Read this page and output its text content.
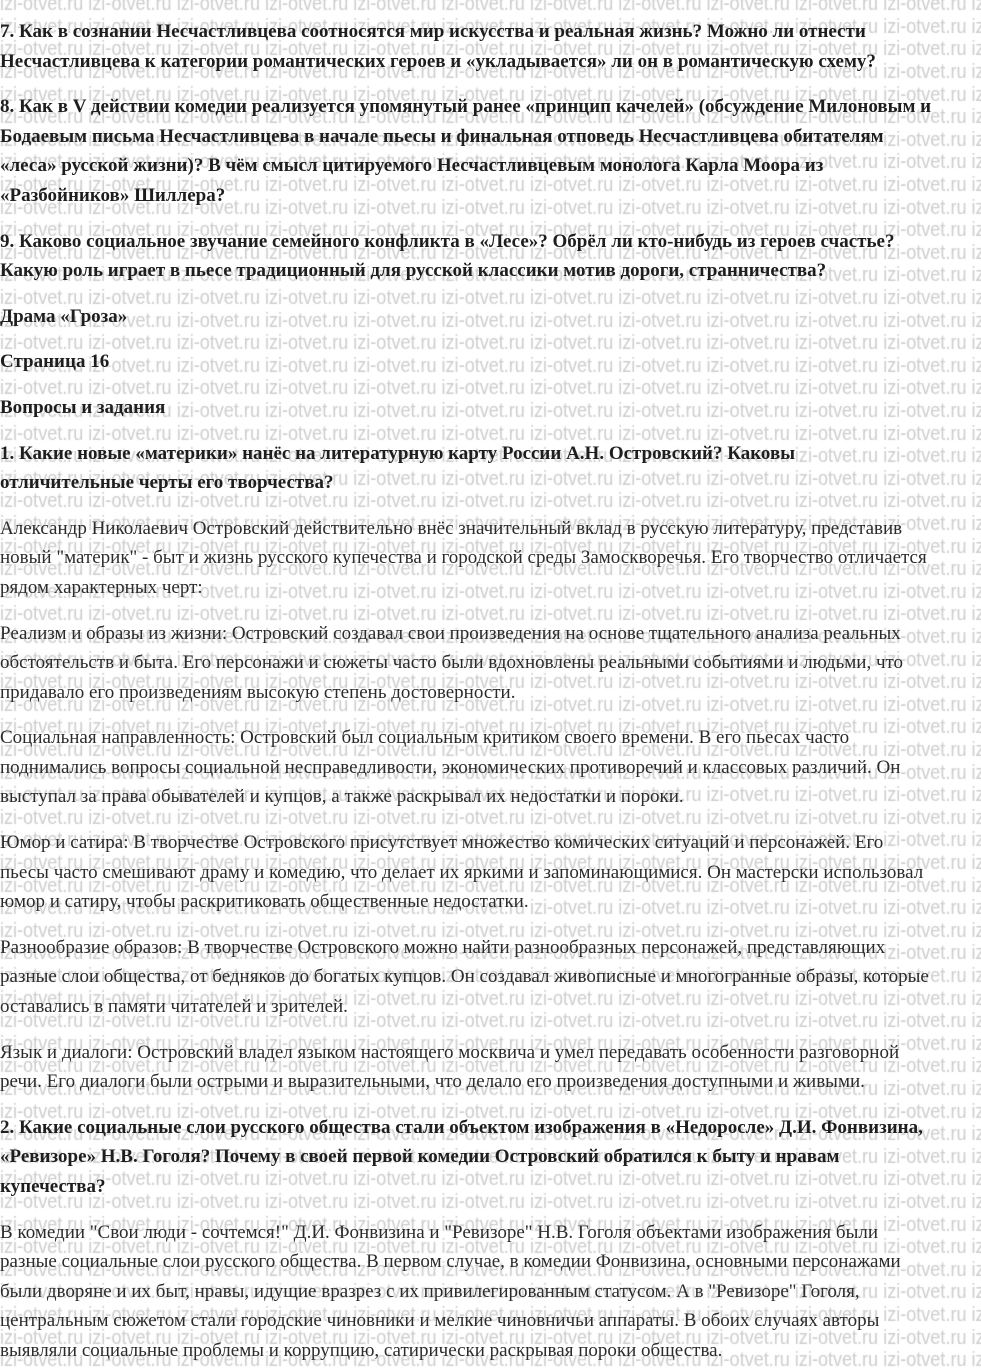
7. Как в сознании Несчастливцева соотносятся мир искусства и реальная жизнь? Можно ли отнести
Несчастливцева к категории романтических героев и «укладывается» ли он в романтическую схему?
8. Как в V действии комедии реализуется упомянутый ранее «принцип качелей» (обсуждение Милоновым и
Бодаевым письма Несчастливцева в начале пьесы и финальная отповедь Несчастливцева обитателям
«леса» русской жизни)? В чём смысл цитируемого Несчастливцевым монолога Карла Моора из
«Разбойников» Шиллера?
9. Каково социальное звучание семейного конфликта в «Лесе»? Обрёл ли кто-нибудь из героев счастье?
Какую роль играет в пьесе традиционный для русской классики мотив дороги, странничества?
Драма «Гроза»
Страница 16
Вопросы и задания
1. Какие новые «материки» нанёс на литературную карту России А.Н. Островский? Каковы
отличительные черты его творчества?
Александр Николаевич Островский действительно внёс значительный вклад в русскую литературу, представив
новый "материк" - быт и жизнь русского купечества и городской среды Замоскворечья. Его творчество отличается
рядом характерных черт:
Реализм и образы из жизни: Островский создавал свои произведения на основе тщательного анализа реальных
обстоятельств и быта. Его персонажи и сюжеты часто были вдохновлены реальными событиями и людьми, что
придавало его произведениям высокую степень достоверности.
Социальная направленность: Островский был социальным критиком своего времени. В его пьесах часто
поднимались вопросы социальной несправедливости, экономических противоречий и классовых различий. Он
выступал за права обывателей и купцов, а также раскрывал их недостатки и пороки.
Юмор и сатира: В творчестве Островского присутствует множество комических ситуаций и персонажей. Его
пьесы часто смешивают драму и комедию, что делает их яркими и запоминающимися. Он мастерски использовал
юмор и сатиру, чтобы раскритиковать общественные недостатки.
Разнообразие образов: В творчестве Островского можно найти разнообразных персонажей, представляющих
разные слои общества, от бедняков до богатых купцов. Он создавал живописные и многогранные образы, которые
оставались в памяти читателей и зрителей.
Язык и диалоги: Островский владел языком настоящего москвича и умел передавать особенности разговорной
речи. Его диалоги были острыми и выразительными, что делало его произведения доступными и живыми.
2. Какие социальные слои русского общества стали объектом изображения в «Недоросле» Д.И. Фонвизина,
«Ревизоре» Н.В. Гоголя? Почему в своей первой комедии Островский обратился к быту и нравам
купечества?
В комедии "Свои люди - сочтемся!" Д.И. Фонвизина и "Ревизоре" Н.В. Гоголя объектами изображения были
разные социальные слои русского общества. В первом случае, в комедии Фонвизина, основными персонажами
были дворяне и их быт, нравы, идущие вразрез с их привилегированным статусом. А в "Ревизоре" Гоголя,
центральным сюжетом стали городские чиновники и мелкие чиновничьи аппараты. В обоих случаях авторы
выявляли социальные проблемы и коррупцию, сатирически раскрывая пороки общества.
